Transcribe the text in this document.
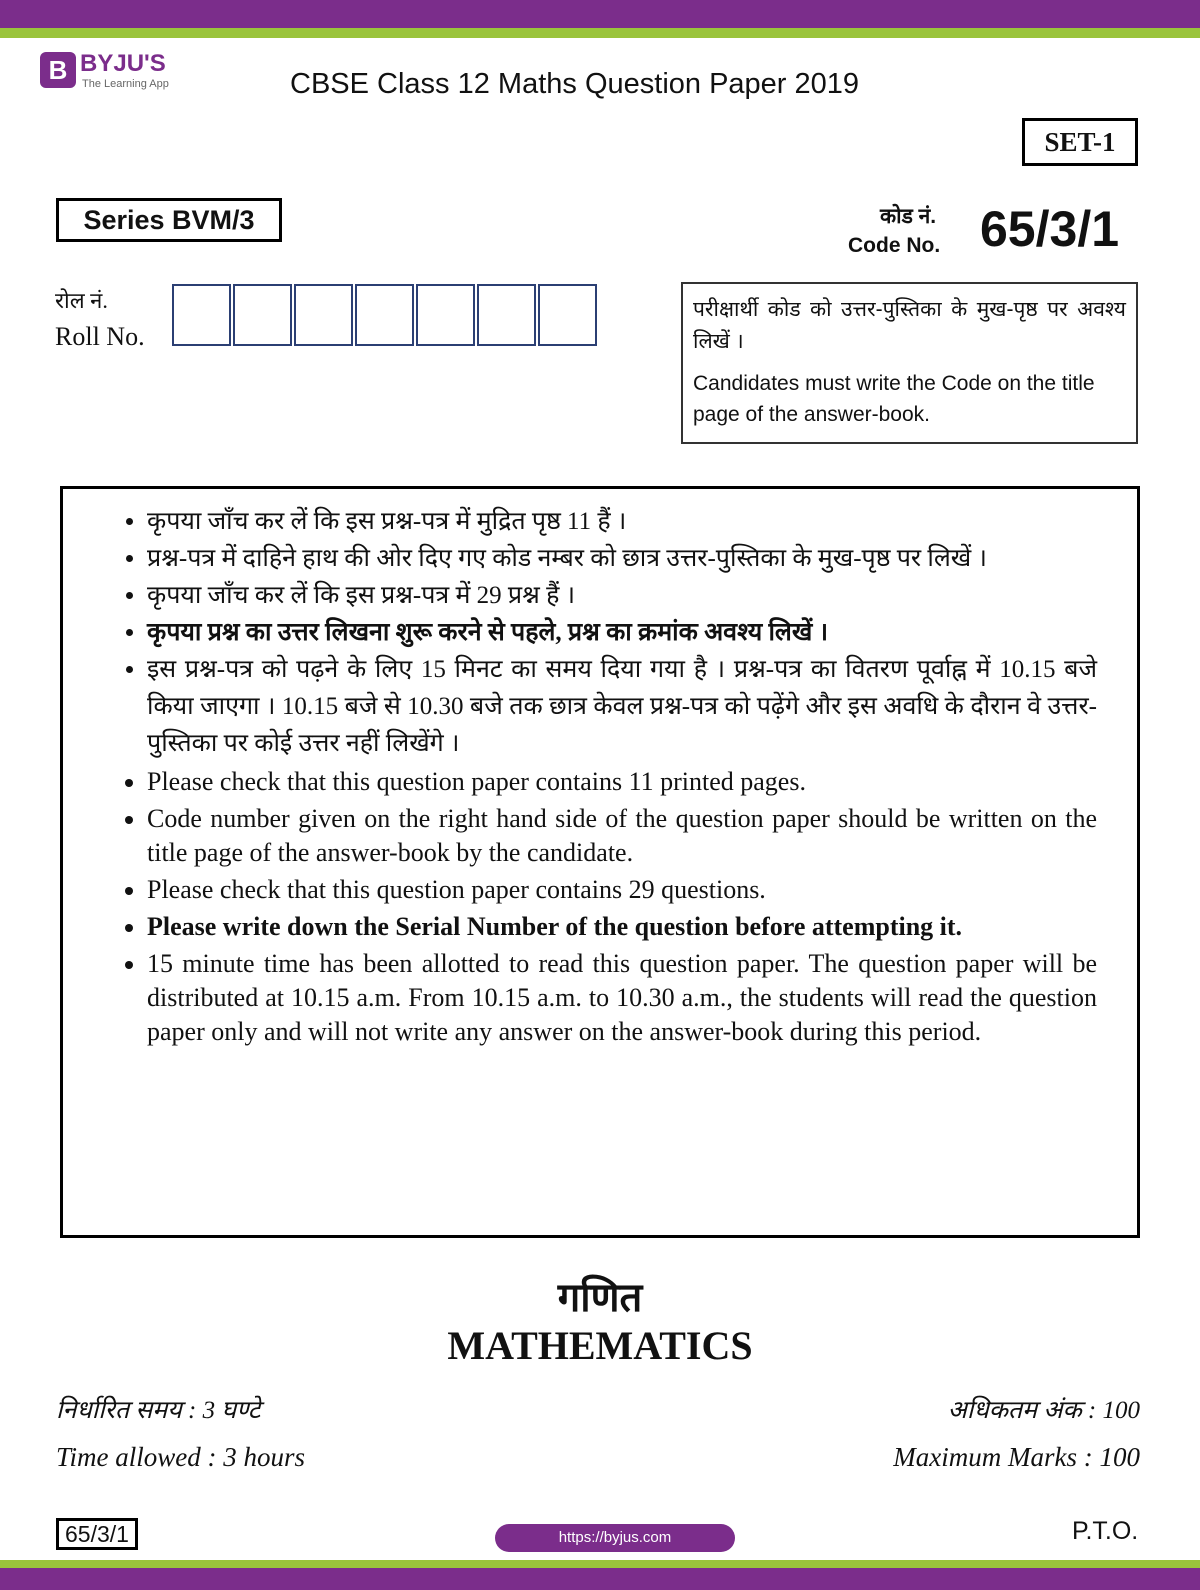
B BYJU'S
The Learning App	CBSE Class 12 Maths Question Paper 2019
SET-1
Series BVM/3	कोड नं.
Code No. 65/3/1
रोल नं.
Roll No.
परीक्षार्थी कोड को उत्तर-पुस्तिका के मुख-पृष्ठ पर अवश्य लिखें ।
Candidates must write the Code on the title page of the answer-book.
• कृपया जाँच कर लें कि इस प्रश्न-पत्र में मुद्रित पृष्ठ 11 हैं ।
• प्रश्न-पत्र में दाहिने हाथ की ओर दिए गए कोड नम्बर को छात्र उत्तर-पुस्तिका के मुख-पृष्ठ पर लिखें ।
• कृपया जाँच कर लें कि इस प्रश्न-पत्र में 29 प्रश्न हैं ।
• कृपया प्रश्न का उत्तर लिखना शुरू करने से पहले, प्रश्न का क्रमांक अवश्य लिखें ।
• इस प्रश्न-पत्र को पढ़ने के लिए 15 मिनट का समय दिया गया है । प्रश्न-पत्र का वितरण पूर्वाह्न में 10.15 बजे किया जाएगा । 10.15 बजे से 10.30 बजे तक छात्र केवल प्रश्न-पत्र को पढ़ेंगे और इस अवधि के दौरान वे उत्तर-पुस्तिका पर कोई उत्तर नहीं लिखेंगे ।
• Please check that this question paper contains 11 printed pages.
• Code number given on the right hand side of the question paper should be written on the title page of the answer-book by the candidate.
• Please check that this question paper contains 29 questions.
• Please write down the Serial Number of the question before attempting it.
• 15 minute time has been allotted to read this question paper. The question paper will be distributed at 10.15 a.m. From 10.15 a.m. to 10.30 a.m., the students will read the question paper only and will not write any answer on the answer-book during this period.
गणित
MATHEMATICS
निर्धारित समय : 3 घण्टे
Time allowed : 3 hours
अधिकतम अंक : 100
Maximum Marks : 100
65/3/1	https://byjus.com	P.T.O.
